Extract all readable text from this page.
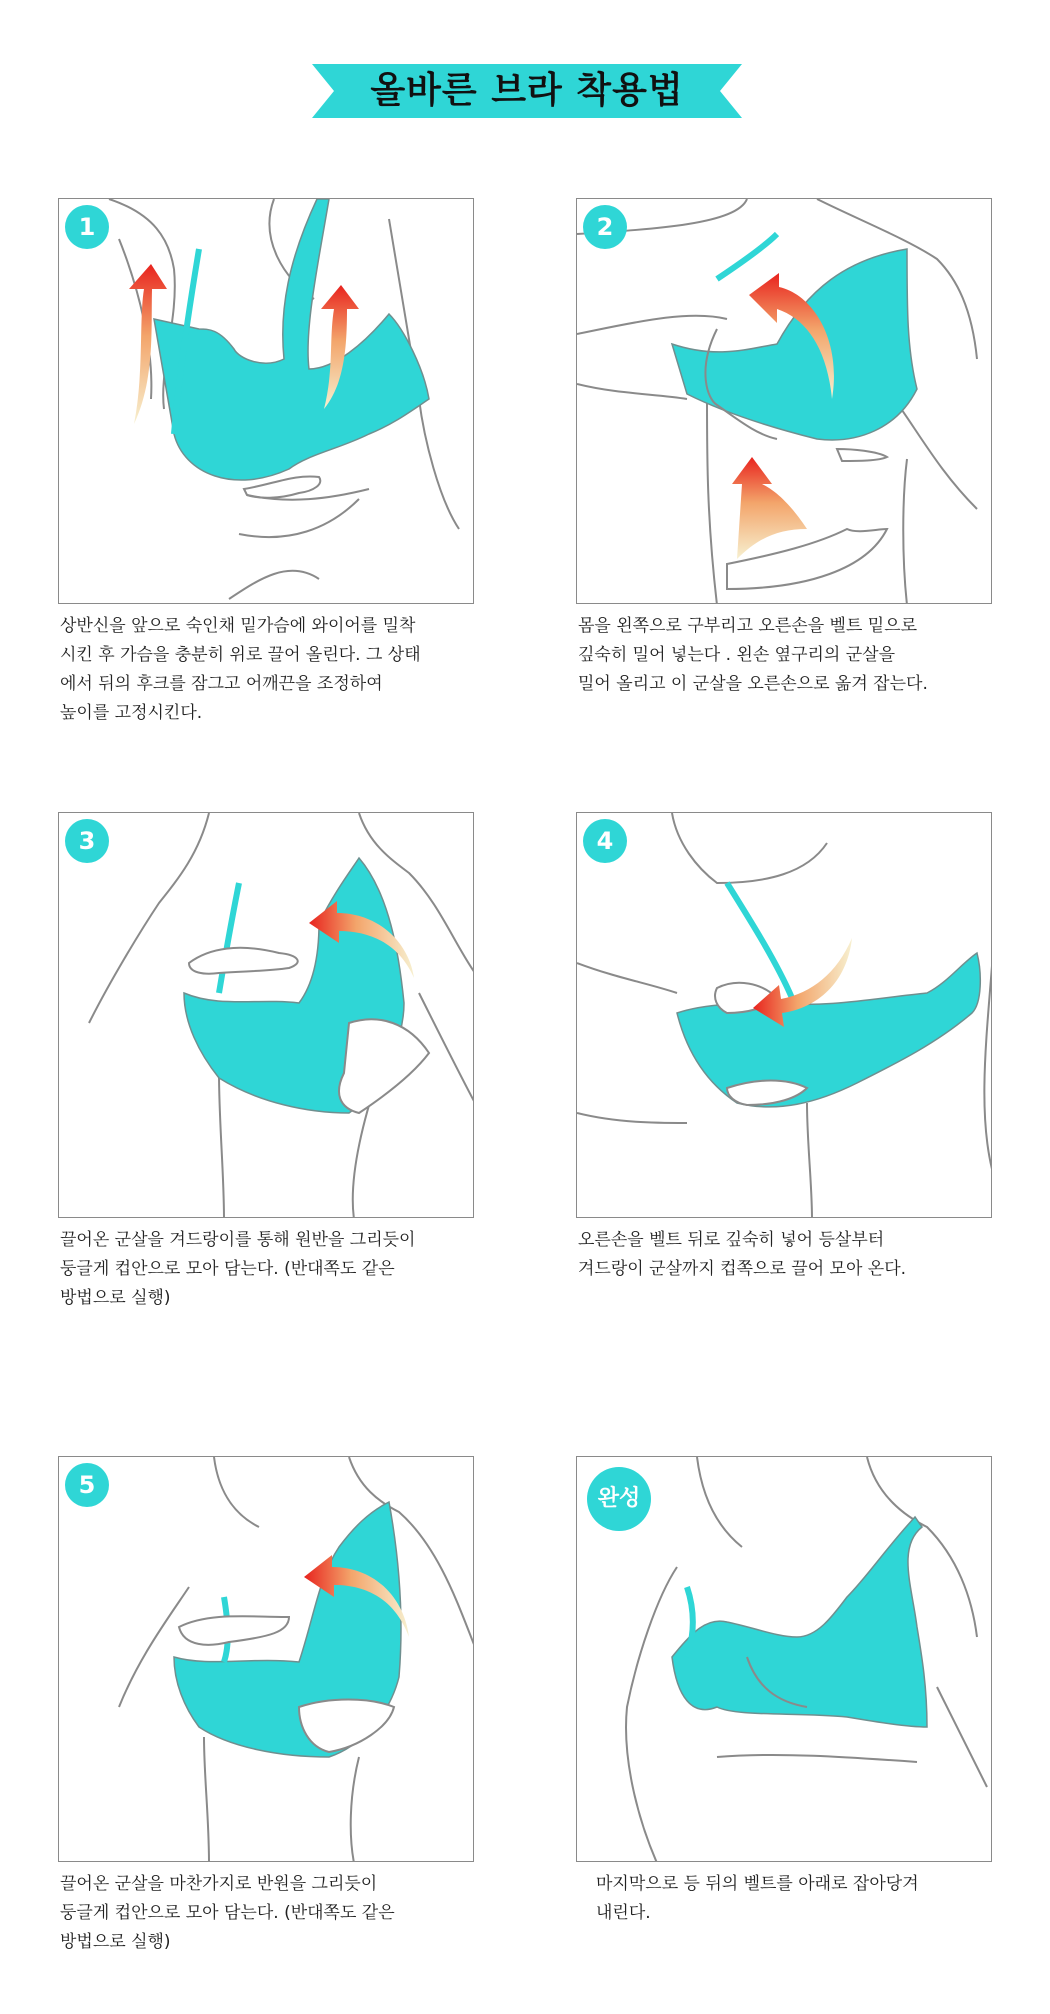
올바른 브라 착용법
1
상반신을 앞으로 숙인채 밑가슴에 와이어를 밀착
시킨 후 가슴을 충분히 위로 끌어 올린다. 그 상태
에서 뒤의 후크를 잠그고 어깨끈을 조정하여
높이를 고정시킨다.
2
몸을 왼쪽으로 구부리고 오른손을 벨트 밑으로
깊숙히 밀어 넣는다 . 왼손 옆구리의 군살을
밀어 올리고 이 군살을 오른손으로 옮겨 잡는다.
3
끌어온 군살을 겨드랑이를 통해 원반을 그리듯이
둥글게 컵안으로 모아 담는다. (반대쪽도 같은
방법으로 실행)
4
오른손을 벨트 뒤로 깊숙히 넣어 등살부터
겨드랑이 군살까지 컵쪽으로 끌어 모아 온다.
5
끌어온 군살을 마찬가지로 반원을 그리듯이
둥글게 컵안으로 모아 담는다. (반대쪽도 같은
방법으로 실행)
완성
마지막으로 등 뒤의 벨트를 아래로 잡아당겨
내린다.
